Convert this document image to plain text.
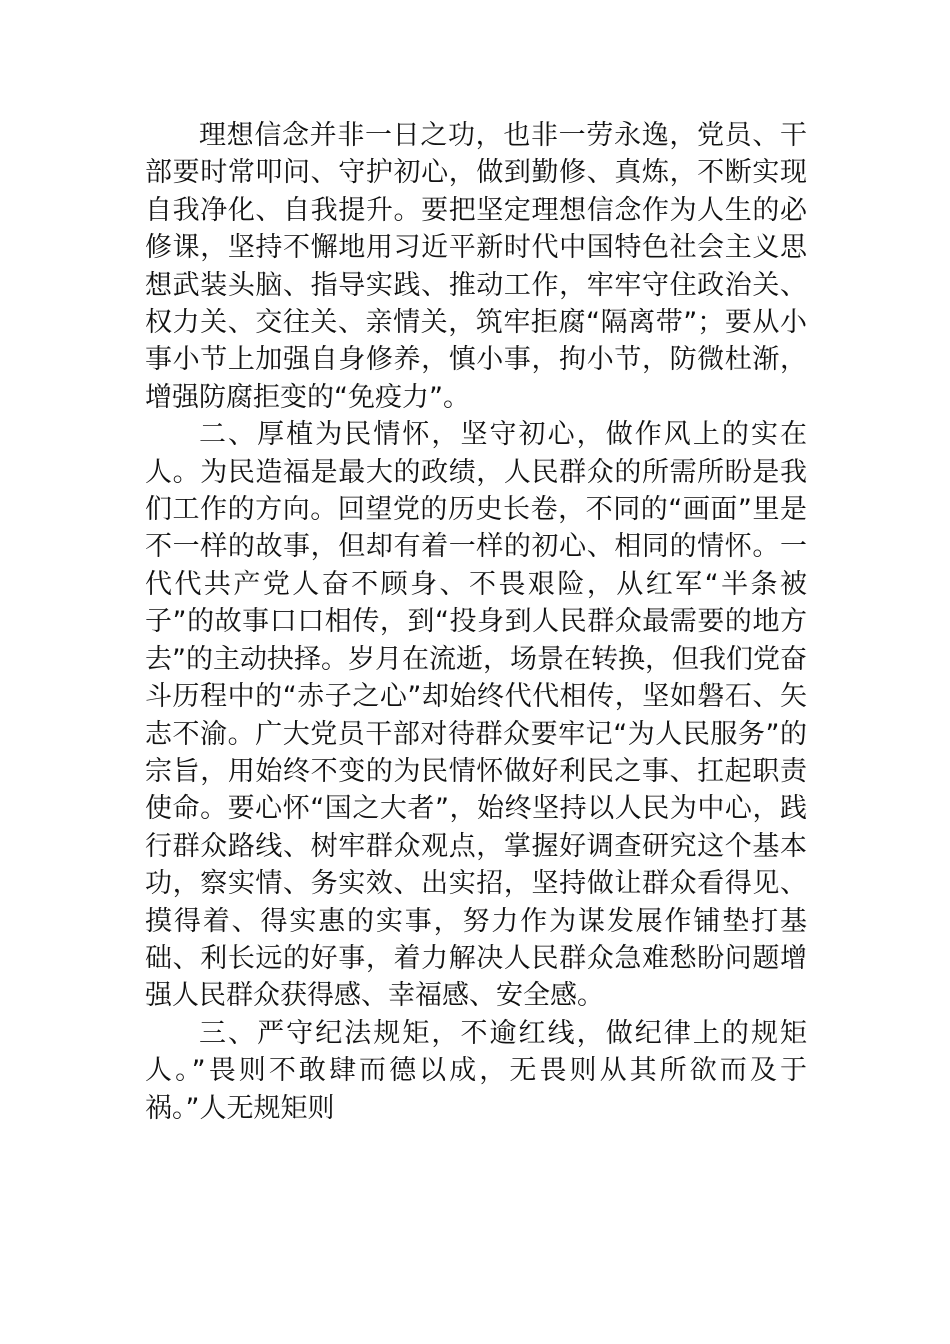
理想信念并非一日之功，也非一劳永逸，党员、干部要时常叩问、守护初心，做到勤修、真炼，不断实现自我净化、自我提升。要把坚定理想信念作为人生的必修课，坚持不懈地用习近平新时代中国特色社会主义思想武装头脑、指导实践、推动工作，牢牢守住政治关、权力关、交往关、亲情关，筑牢拒腐“隔离带”；要从小事小节上加强自身修养，慎小事，拘小节，防微杜渐，增强防腐拒变的“免疫力”。

二、厚植为民情怀，坚守初心，做作风上的实在人。为民造福是最大的政绩，人民群众的所需所盼是我们工作的方向。回望党的历史长卷，不同的“画面”里是不一样的故事，但却有着一样的初心、相同的情怀。一代代共产党人奋不顾身、不畏艰险，从红军“半条被子”的故事口口相传，到“投身到人民群众最需要的地方去”的主动抉择。岁月在流逝，场景在转换，但我们党奋斗历程中的“赤子之心”却始终代代相传，坚如磐石、矢志不渝。广大党员干部对待群众要牢记“为人民服务”的宗旨，用始终不变的为民情怀做好利民之事、扛起职责使命。要心怀“国之大者”，始终坚持以人民为中心，践行群众路线、树牢群众观点，掌握好调查研究这个基本功，察实情、务实效、出实招，坚持做让群众看得见、摸得着、得实惠的实事，努力作为谋发展作铺垫打基础、利长远的好事，着力解决人民群众急难愁盼问题增强人民群众获得感、幸福感、安全感。

三、严守纪法规矩，不逾红线，做纪律上的规矩人。”畏则不敢肆而德以成，无畏则从其所欲而及于祸。”人无规矩则
